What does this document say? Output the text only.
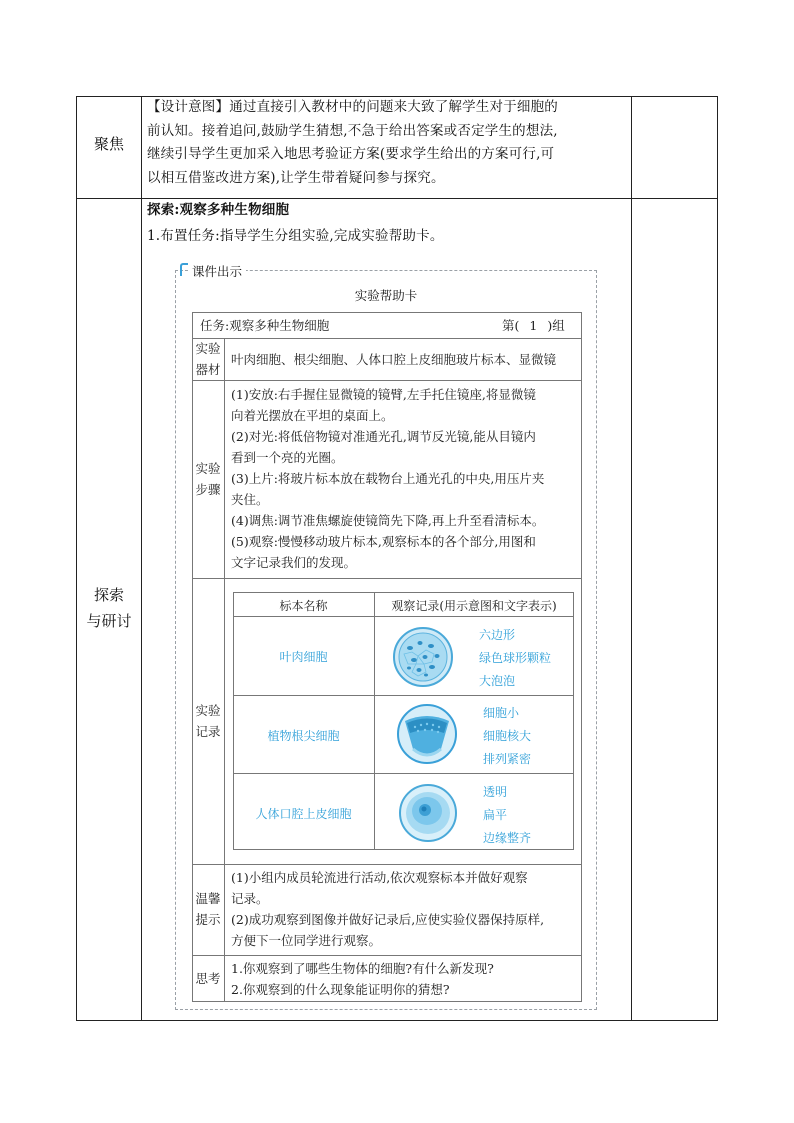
聚焦
【设计意图】通过直接引入教材中的问题来大致了解学生对于细胞的
前认知。接着追问,鼓励学生猜想,不急于给出答案或否定学生的想法,
继续引导学生更加采入地思考验证方案(要求学生给出的方案可行,可
以相互借鉴改进方案),让学生带着疑问参与探究。
探索
与研讨
探索:观察多种生物细胞
1.布置任务:指导学生分组实验,完成实验帮助卡。
课件出示
实验帮助卡
任务:观察多种生物细胞	第( 1 )组
实验
器材
叶肉细胞、根尖细胞、人体口腔上皮细胞玻片标本、显微镜
实验
步骤
(1)安放:右手握住显微镜的镜臂,左手托住镜座,将显微镜
向着光摆放在平坦的桌面上。
(2)对光:将低倍物镜对准通光孔,调节反光镜,能从目镜内
看到一个亮的光圈。
(3)上片:将玻片标本放在载物台上通光孔的中央,用压片夹
夹住。
(4)调焦:调节准焦螺旋使镜筒先下降,再上升至看清标本。
(5)观察:慢慢移动玻片标本,观察标本的各个部分,用图和
文字记录我们的发现。
实验
记录
标本名称	观察记录(用示意图和文字表示)
叶肉细胞
六边形
绿色球形颗粒
大泡泡
植物根尖细胞
细胞小
细胞核大
排列紧密
人体口腔上皮细胞
透明
扁平
边缘整齐
温馨
提示
(1)小组内成员轮流进行活动,依次观察标本并做好观察
记录。
(2)成功观察到图像并做好记录后,应使实验仪器保持原样,
方便下一位同学进行观察。
思考
1.你观察到了哪些生物体的细胞?有什么新发现?
2.你观察到的什么现象能证明你的猜想?
